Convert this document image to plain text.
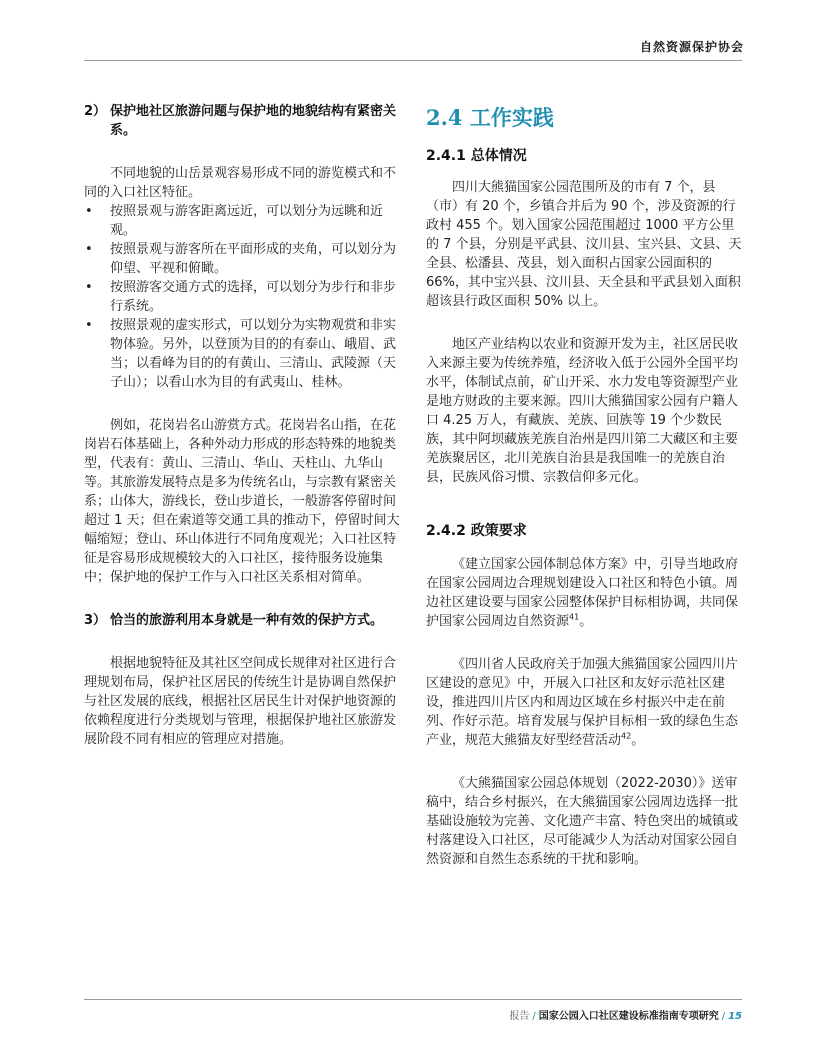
自然资源保护协会
2） 保护地社区旅游问题与保护地的地貌结构有紧密关系。

不同地貌的山岳景观容易形成不同的游览模式和不同的入口社区特征。

•	按照景观与游客距离远近，可以划分为远眺和近观。
•	按照景观与游客所在平面形成的夹角，可以划分为仰望、平视和俯瞰。
•	按照游客交通方式的选择，可以划分为步行和非步行系统。
•	按照景观的虚实形式，可以划分为实物观赏和非实物体验。另外，以登顶为目的的有泰山、峨眉、武当；以看峰为目的的有黄山、三清山、武陵源（天子山）；以看山水为目的有武夷山、桂林。

例如，花岗岩名山游赏方式。花岗岩名山指，在花岗岩石体基础上，各种外动力形成的形态特殊的地貌类型，代表有：黄山、三清山、华山、天柱山、九华山等。其旅游发展特点是多为传统名山，与宗教有紧密关系；山体大，游线长，登山步道长，一般游客停留时间超过 1 天；但在索道等交通工具的推动下，停留时间大幅缩短；登山、环山体进行不同角度观光；入口社区特征是容易形成规模较大的入口社区，接待服务设施集中；保护地的保护工作与入口社区关系相对简单。

3） 恰当的旅游利用本身就是一种有效的保护方式。

根据地貌特征及其社区空间成长规律对社区进行合理规划布局，保护社区居民的传统生计是协调自然保护与社区发展的底线，根据社区居民生计对保护地资源的依赖程度进行分类规划与管理，根据保护地社区旅游发展阶段不同有相应的管理应对措施。

2.4 工作实践
2.4.1 总体情况

四川大熊猫国家公园范围所及的市有 7 个，县（市）有 20 个，乡镇合并后为 90 个，涉及资源的行政村 455 个。划入国家公园范围超过 1000 平方公里的 7 个县，分别是平武县、汶川县、宝兴县、文县、天全县、松潘县、茂县，划入面积占国家公园面积的 66%，其中宝兴县、汶川县、天全县和平武县划入面积超该县行政区面积 50% 以上。

地区产业结构以农业和资源开发为主，社区居民收入来源主要为传统养殖，经济收入低于公园外全国平均水平，体制试点前，矿山开采、水力发电等资源型产业是地方财政的主要来源。四川大熊猫国家公园有户籍人口 4.25 万人，有藏族、羌族、回族等 19 个少数民族，其中阿坝藏族羌族自治州是四川第二大藏区和主要羌族聚居区，北川羌族自治县是我国唯一的羌族自治县，民族风俗习惯、宗教信仰多元化。

2.4.2 政策要求

《建立国家公园体制总体方案》中，引导当地政府在国家公园周边合理规划建设入口社区和特色小镇。周边社区建设要与国家公园整体保护目标相协调，共同保护国家公园周边自然资源$^{41}$。

《四川省人民政府关于加强大熊猫国家公园四川片区建设的意见》中，开展入口社区和友好示范社区建设，推进四川片区内和周边区域在乡村振兴中走在前列、作好示范。培育发展与保护目标相一致的绿色生态产业，规范大熊猫友好型经营活动$^{42}$。

《大熊猫国家公园总体规划（2022-2030）》送审稿中，结合乡村振兴，在大熊猫国家公园周边选择一批基础设施较为完善、文化遗产丰富、特色突出的城镇或村落建设入口社区，尽可能减少人为活动对国家公园自然资源和自然生态系统的干扰和影响。

报告 / 国家公园入口社区建设标准指南专项研究 / 15
